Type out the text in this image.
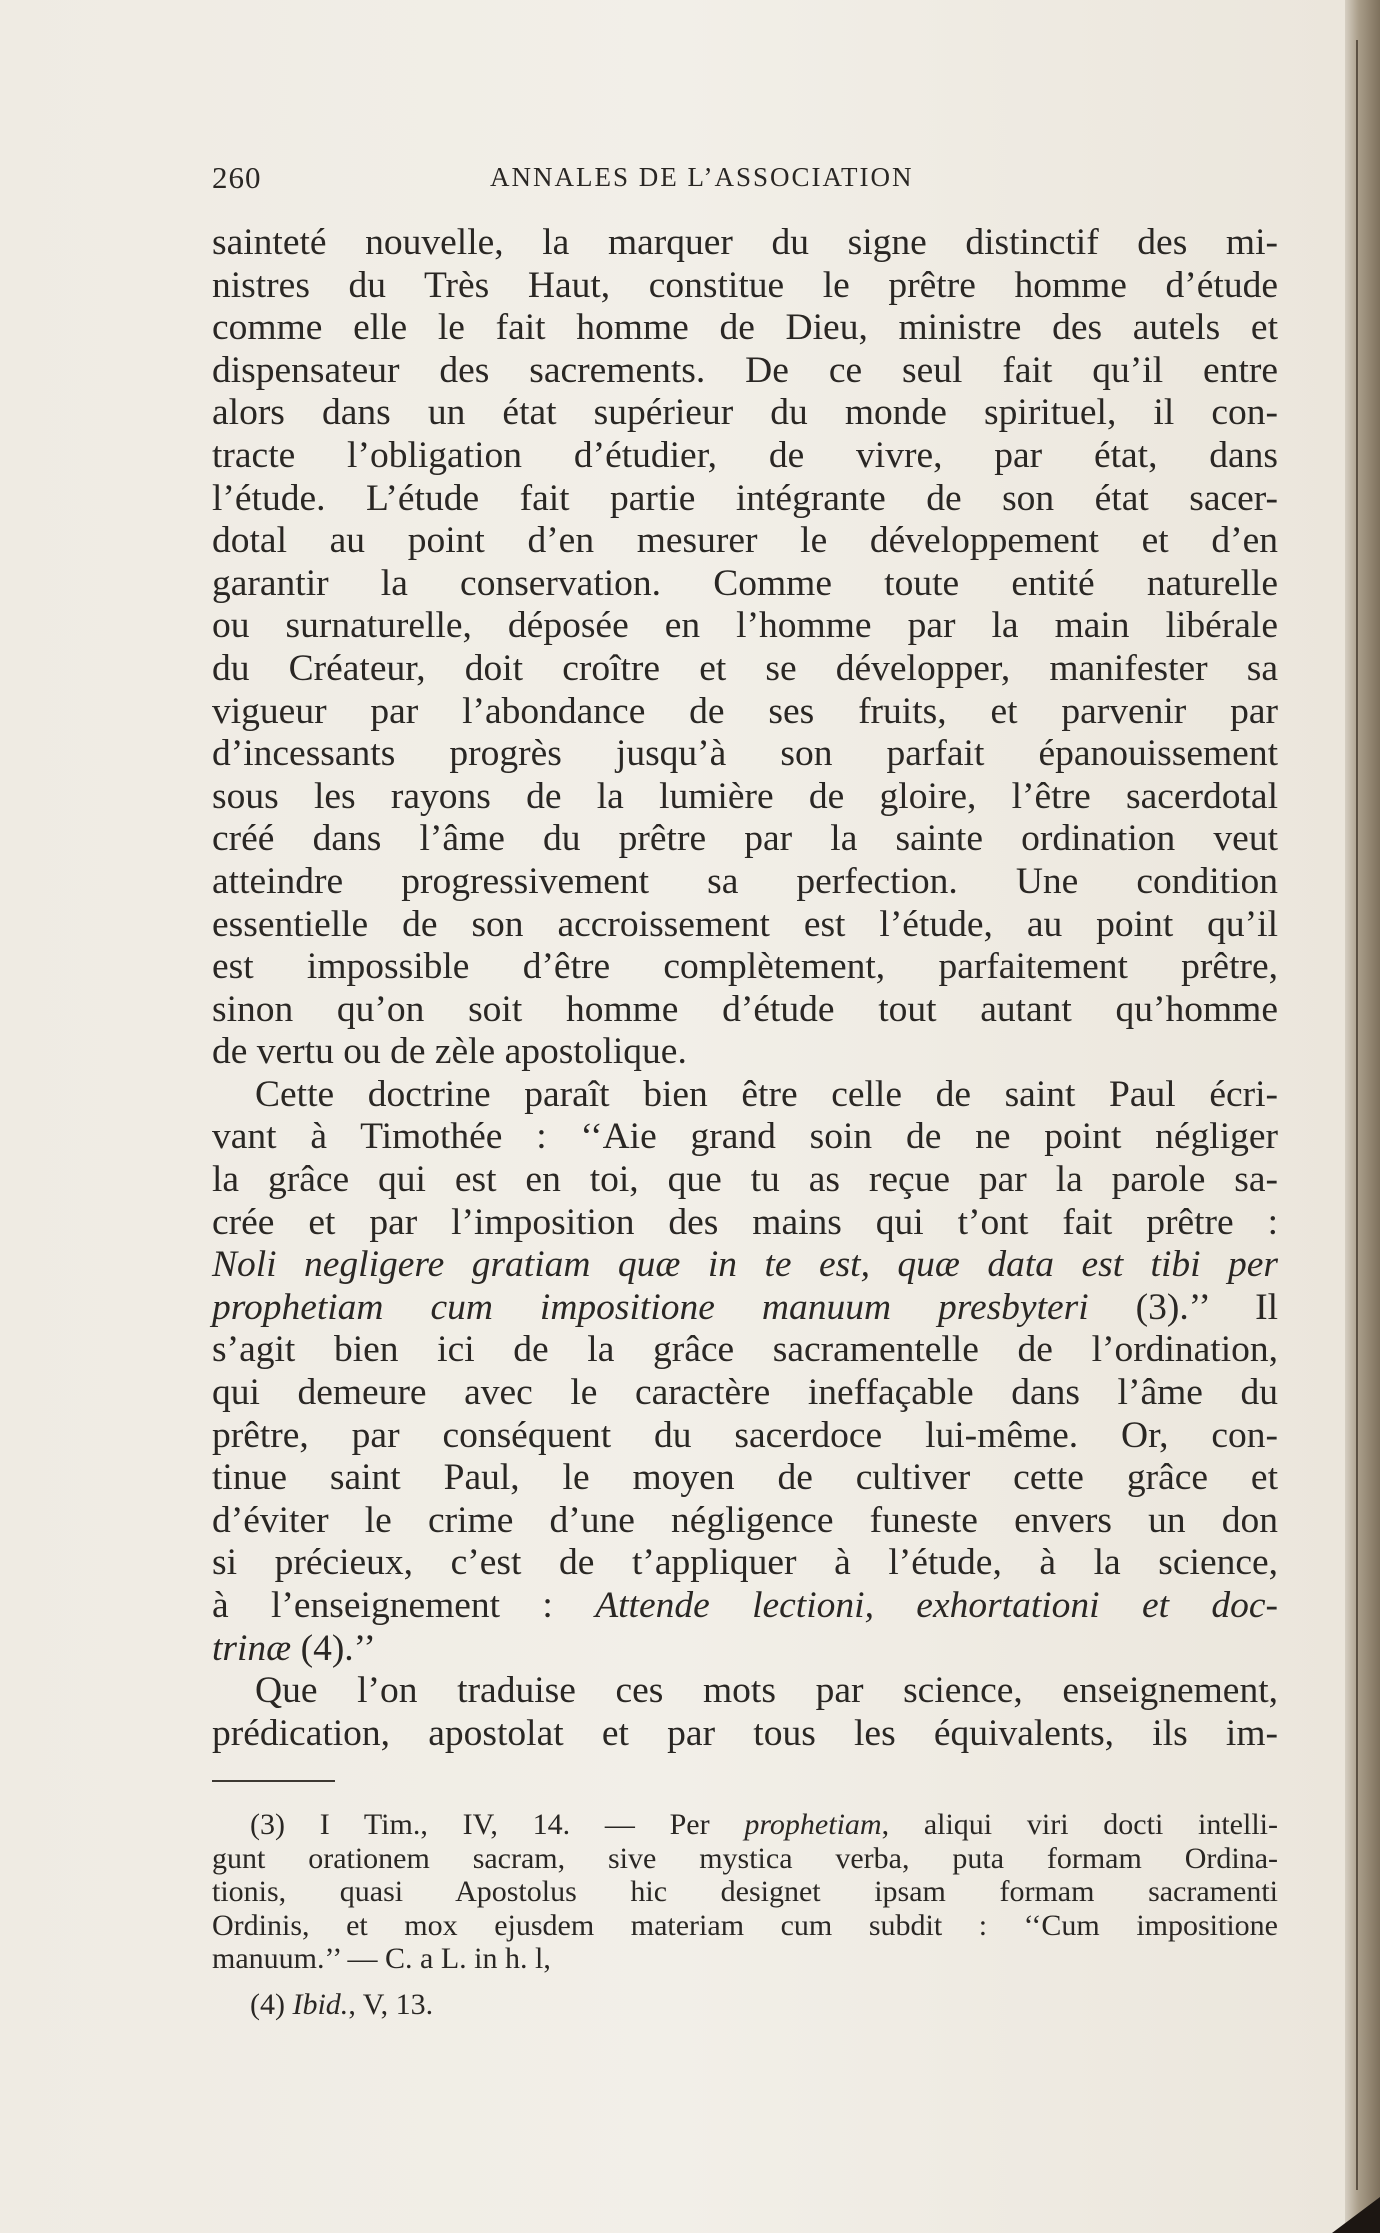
260	ANNALES DE L’ASSOCIATION
sainteté nouvelle, la marquer du signe distinctif des mi-
nistres du Très Haut, constitue le prêtre homme d’étude
comme elle le fait homme de Dieu, ministre des autels et
dispensateur des sacrements. De ce seul fait qu’il entre
alors dans un état supérieur du monde spirituel, il con-
tracte l’obligation d’étudier, de vivre, par état, dans
l’étude. L’étude fait partie intégrante de son état sacer-
dotal au point d’en mesurer le développement et d’en
garantir la conservation. Comme toute entité naturelle
ou surnaturelle, déposée en l’homme par la main libérale
du Créateur, doit croître et se développer, manifester sa
vigueur par l’abondance de ses fruits, et parvenir par
d’incessants progrès jusqu’à son parfait épanouissement
sous les rayons de la lumière de gloire, l’être sacerdotal
créé dans l’âme du prêtre par la sainte ordination veut
atteindre progressivement sa perfection. Une condition
essentielle de son accroissement est l’étude, au point qu’il
est impossible d’être complètement, parfaitement prêtre,
sinon qu’on soit homme d’étude tout autant qu’homme
de vertu ou de zèle apostolique.
Cette doctrine paraît bien être celle de saint Paul écri-
vant à Timothée : ‘‘Aie grand soin de ne point négliger
la grâce qui est en toi, que tu as reçue par la parole sa-
crée et par l’imposition des mains qui t’ont fait prêtre :
Noli negligere gratiam quæ in te est, quæ data est tibi per
prophetiam cum impositione manuum presbyteri (3).’’ Il
s’agit bien ici de la grâce sacramentelle de l’ordination,
qui demeure avec le caractère ineffaçable dans l’âme du
prêtre, par conséquent du sacerdoce lui-même. Or, con-
tinue saint Paul, le moyen de cultiver cette grâce et
d’éviter le crime d’une négligence funeste envers un don
si précieux, c’est de t’appliquer à l’étude, à la science,
à l’enseignement : Attende lectioni, exhortationi et doc-
trinæ (4).’’
Que l’on traduise ces mots par science, enseignement,
prédication, apostolat et par tous les équivalents, ils im-
(3) I Tim., IV, 14. — Per prophetiam, aliqui viri docti intelli-
gunt orationem sacram, sive mystica verba, puta formam Ordina-
tionis, quasi Apostolus hic designet ipsam formam sacramenti
Ordinis, et mox ejusdem materiam cum subdit : ‘‘Cum impositione
manuum.’’ — C. a L. in h. l,
(4) Ibid., V, 13.
